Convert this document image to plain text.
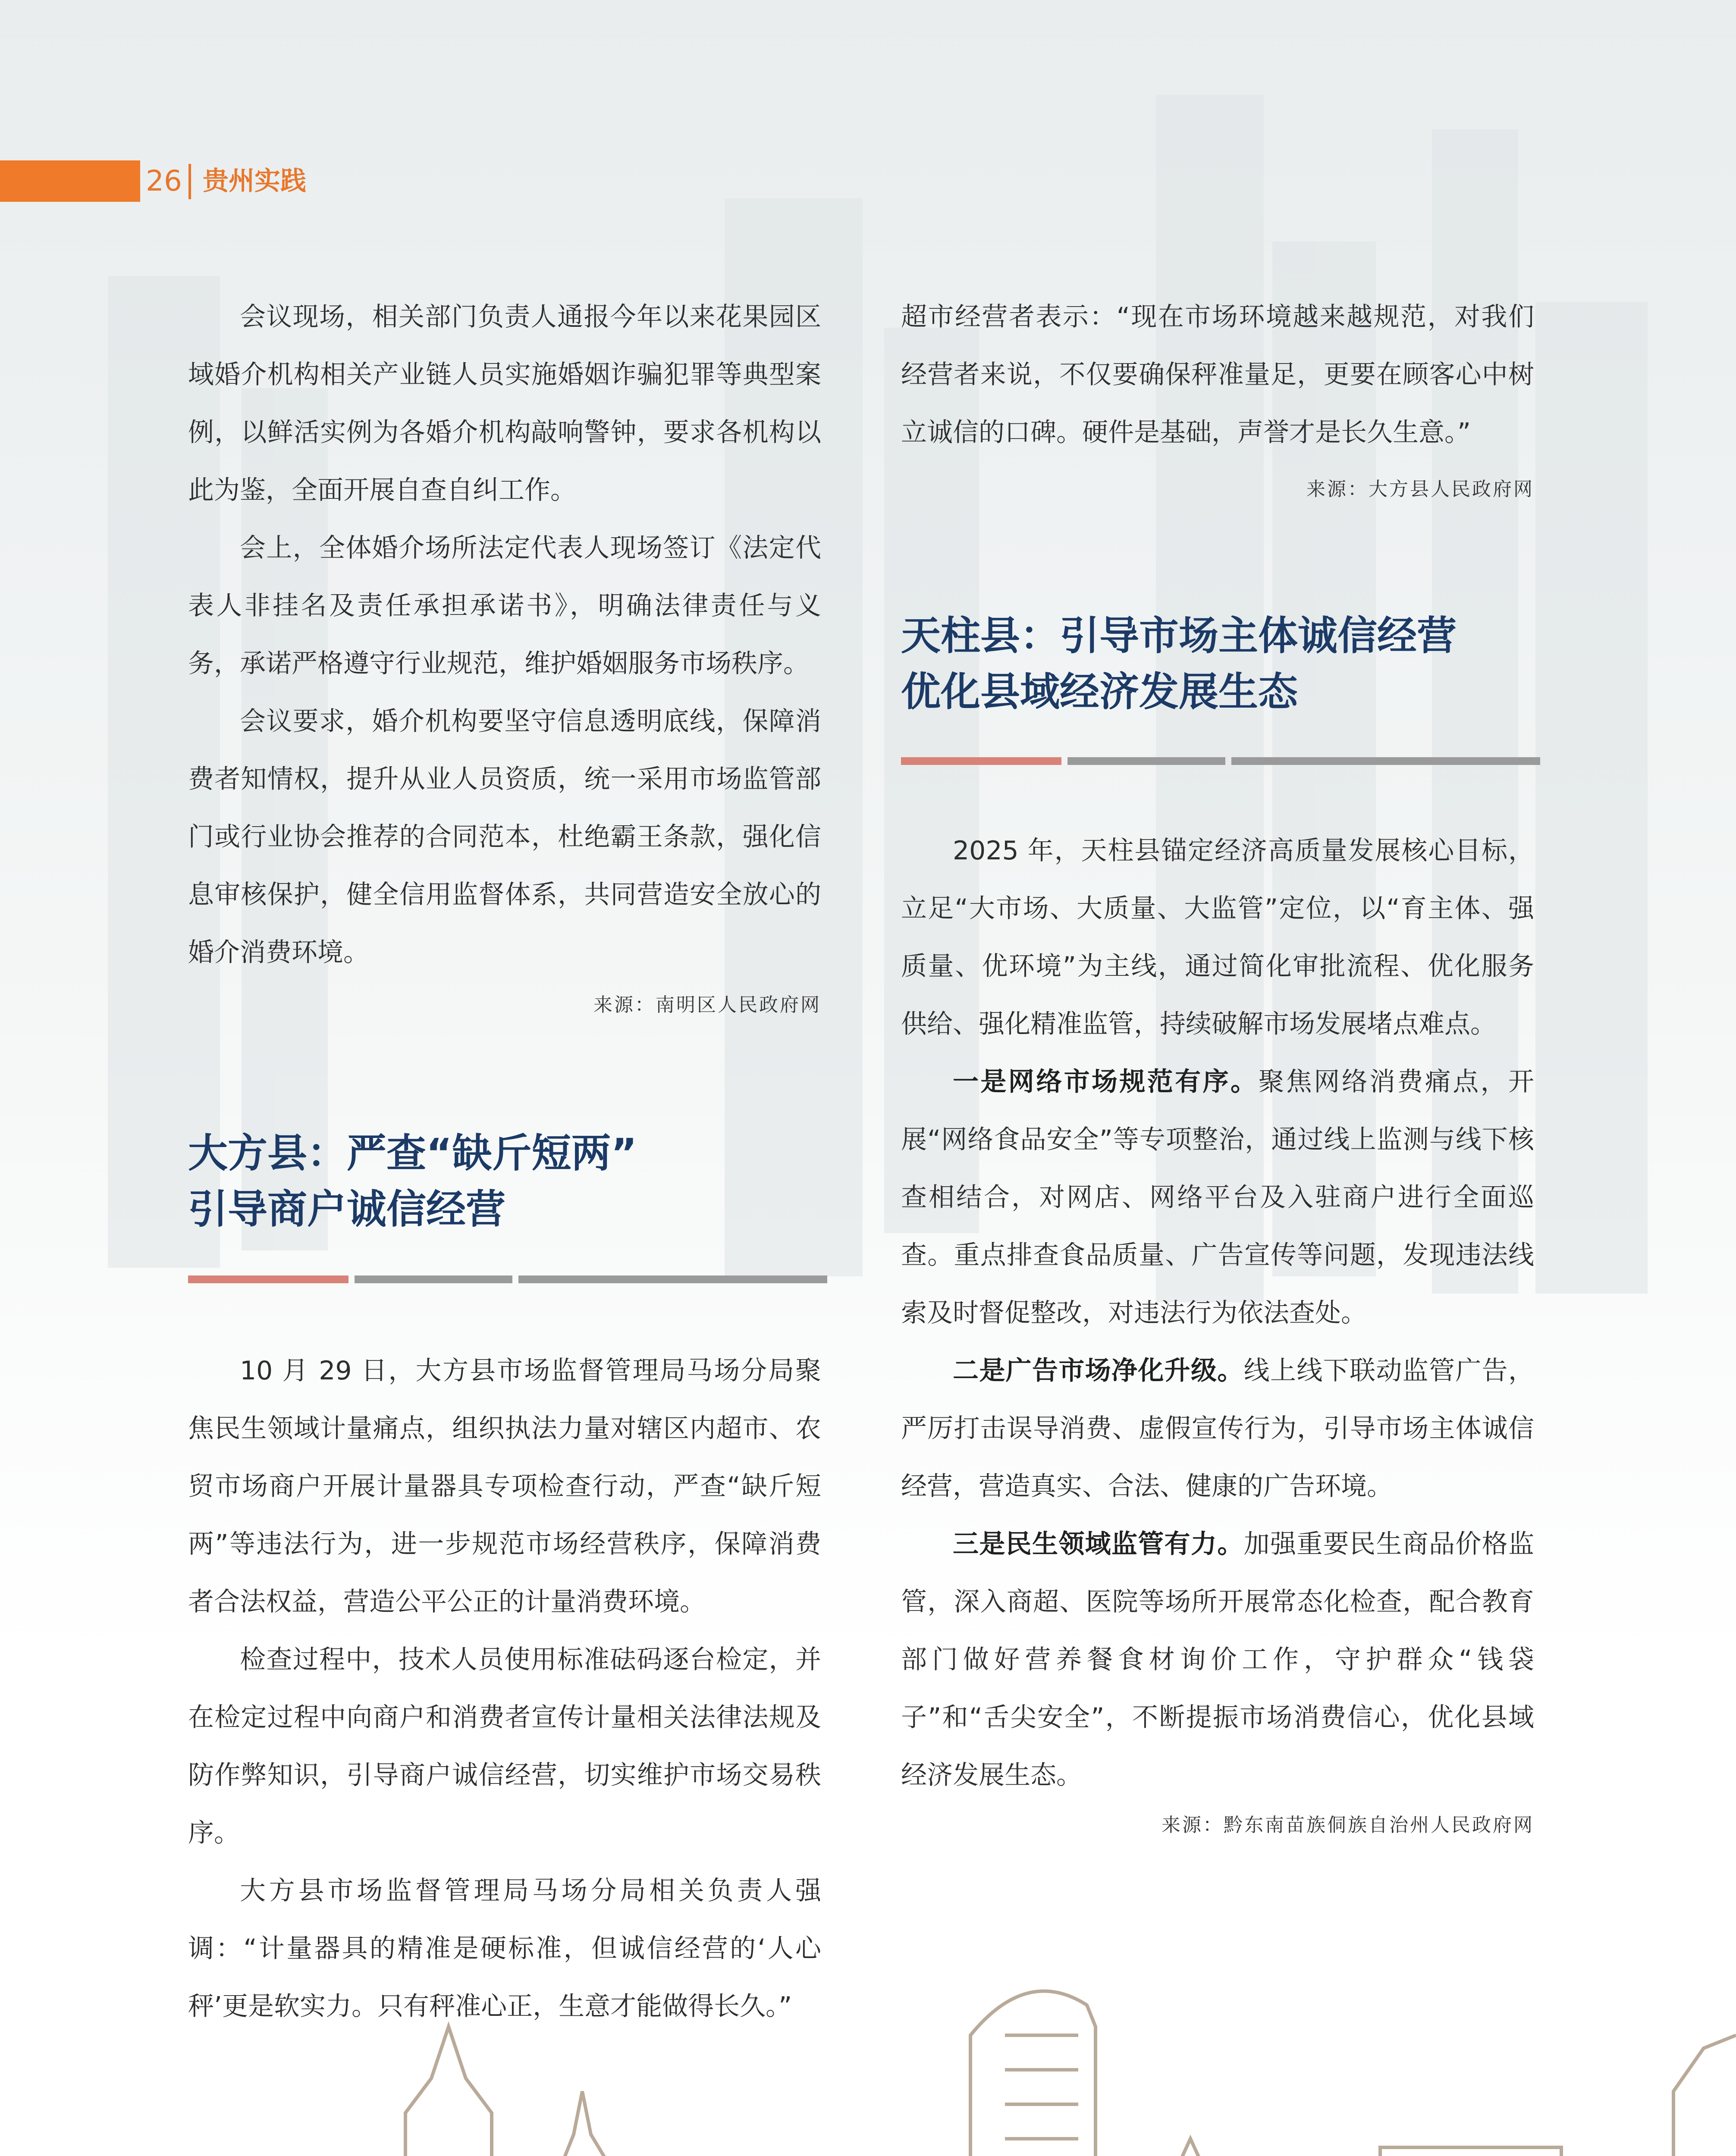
26 贵州实践

会议现场，相关部门负责人通报今年以来花果园区域婚介机构相关产业链人员实施婚姻诈骗犯罪等典型案例，以鲜活实例为各婚介机构敲响警钟，要求各机构以此为鉴，全面开展自查自纠工作。

会上，全体婚介场所法定代表人现场签订《法定代表人非挂名及责任承担承诺书》，明确法律责任与义务，承诺严格遵守行业规范，维护婚姻服务市场秩序。

会议要求，婚介机构要坚守信息透明底线，保障消费者知情权，提升从业人员资质，统一采用市场监管部门或行业协会推荐的合同范本，杜绝霸王条款，强化信息审核保护，健全信用监督体系，共同营造安全放心的婚介消费环境。

来源：南明区人民政府网

大方县：严查“缺斤短两”

引导商户诚信经营

10 月 29 日，大方县市场监督管理局马场分局聚焦民生领域计量痛点，组织执法力量对辖区内超市、农贸市场商户开展计量器具专项检查行动，严查“缺斤短两”等违法行为，进一步规范市场经营秩序，保障消费者合法权益，营造公平公正的计量消费环境。

检查过程中，技术人员使用标准砝码逐台检定，并在检定过程中向商户和消费者宣传计量相关法律法规及防作弊知识，引导商户诚信经营，切实维护市场交易秩序。

大方县市场监督管理局马场分局相关负责人强调：“计量器具的精准是硬标准，但诚信经营的‘人心秤’更是软实力。只有秤准心正，生意才能做得长久。”

超市经营者表示：“现在市场环境越来越规范，对我们经营者来说，不仅要确保秤准量足，更要在顾客心中树立诚信的口碑。硬件是基础，声誉才是长久生意。”

来源：大方县人民政府网

天柱县：引导市场主体诚信经营

优化县域经济发展生态

2025 年，天柱县锚定经济高质量发展核心目标，立足“大市场、大质量、大监管”定位，以“育主体、强质量、优环境”为主线，通过简化审批流程、优化服务供给、强化精准监管，持续破解市场发展堵点难点。

一是网络市场规范有序。聚焦网络消费痛点，开展“网络食品安全”等专项整治，通过线上监测与线下核查相结合，对网店、网络平台及入驻商户进行全面巡查。重点排查食品质量、广告宣传等问题，发现违法线索及时督促整改，对违法行为依法查处。

二是广告市场净化升级。线上线下联动监管广告，严厉打击误导消费、虚假宣传行为，引导市场主体诚信经营，营造真实、合法、健康的广告环境。

三是民生领域监管有力。加强重要民生商品价格监管，深入商超、医院等场所开展常态化检查，配合教育部门做好营养餐食材询价工作，守护群众“钱袋子”和“舌尖安全”，不断提振市场消费信心，优化县域经济发展生态。

来源：黔东南苗族侗族自治州人民政府网
